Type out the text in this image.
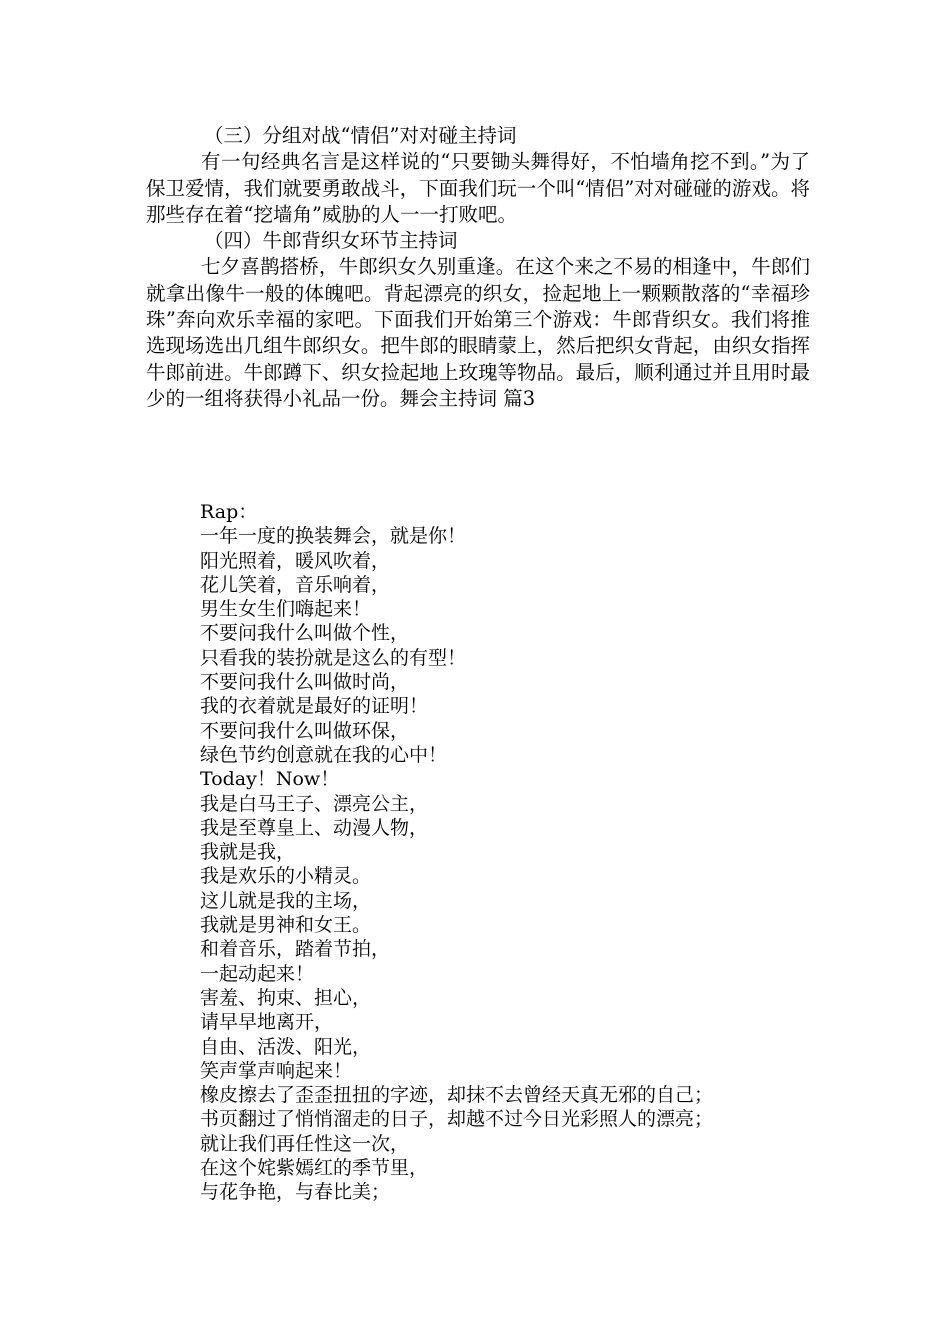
（三）分组对战“情侣”对对碰主持词
有一句经典名言是这样说的“只要锄头舞得好，不怕墙角挖不到。”为了保卫爱情，我们就要勇敢战斗，下面我们玩一个叫“情侣”对对碰碰的游戏。将那些存在着“挖墙角”威胁的人一一打败吧。
（四）牛郎背织女环节主持词
七夕喜鹊搭桥，牛郎织女久别重逢。在这个来之不易的相逢中，牛郎们就拿出像牛一般的体魄吧。背起漂亮的织女，捡起地上一颗颗散落的“幸福珍珠”奔向欢乐幸福的家吧。下面我们开始第三个游戏：牛郎背织女。我们将推选现场选出几组牛郎织女。把牛郎的眼睛蒙上，然后把织女背起，由织女指挥牛郎前进。牛郎蹲下、织女捡起地上玫瑰等物品。最后，顺利通过并且用时最少的一组将获得小礼品一份。舞会主持词 篇3
Rap：
一年一度的换装舞会，就是你！
阳光照着，暖风吹着，
花儿笑着，音乐响着，
男生女生们嗨起来！
不要问我什么叫做个性，
只看我的装扮就是这么的有型！
不要问我什么叫做时尚，
我的衣着就是最好的证明！
不要问我什么叫做环保，
绿色节约创意就在我的心中！
Today！Now！
我是白马王子、漂亮公主，
我是至尊皇上、动漫人物，
我就是我，
我是欢乐的小精灵。
这儿就是我的主场，
我就是男神和女王。
和着音乐，踏着节拍，
一起动起来！
害羞、拘束、担心，
请早早地离开，
自由、活泼、阳光，
笑声掌声响起来！
橡皮擦去了歪歪扭扭的字迹，却抹不去曾经天真无邪的自己；
书页翻过了悄悄溜走的日子，却越不过今日光彩照人的漂亮；
就让我们再任性这一次，
在这个姹紫嫣红的季节里，
与花争艳，与春比美；
